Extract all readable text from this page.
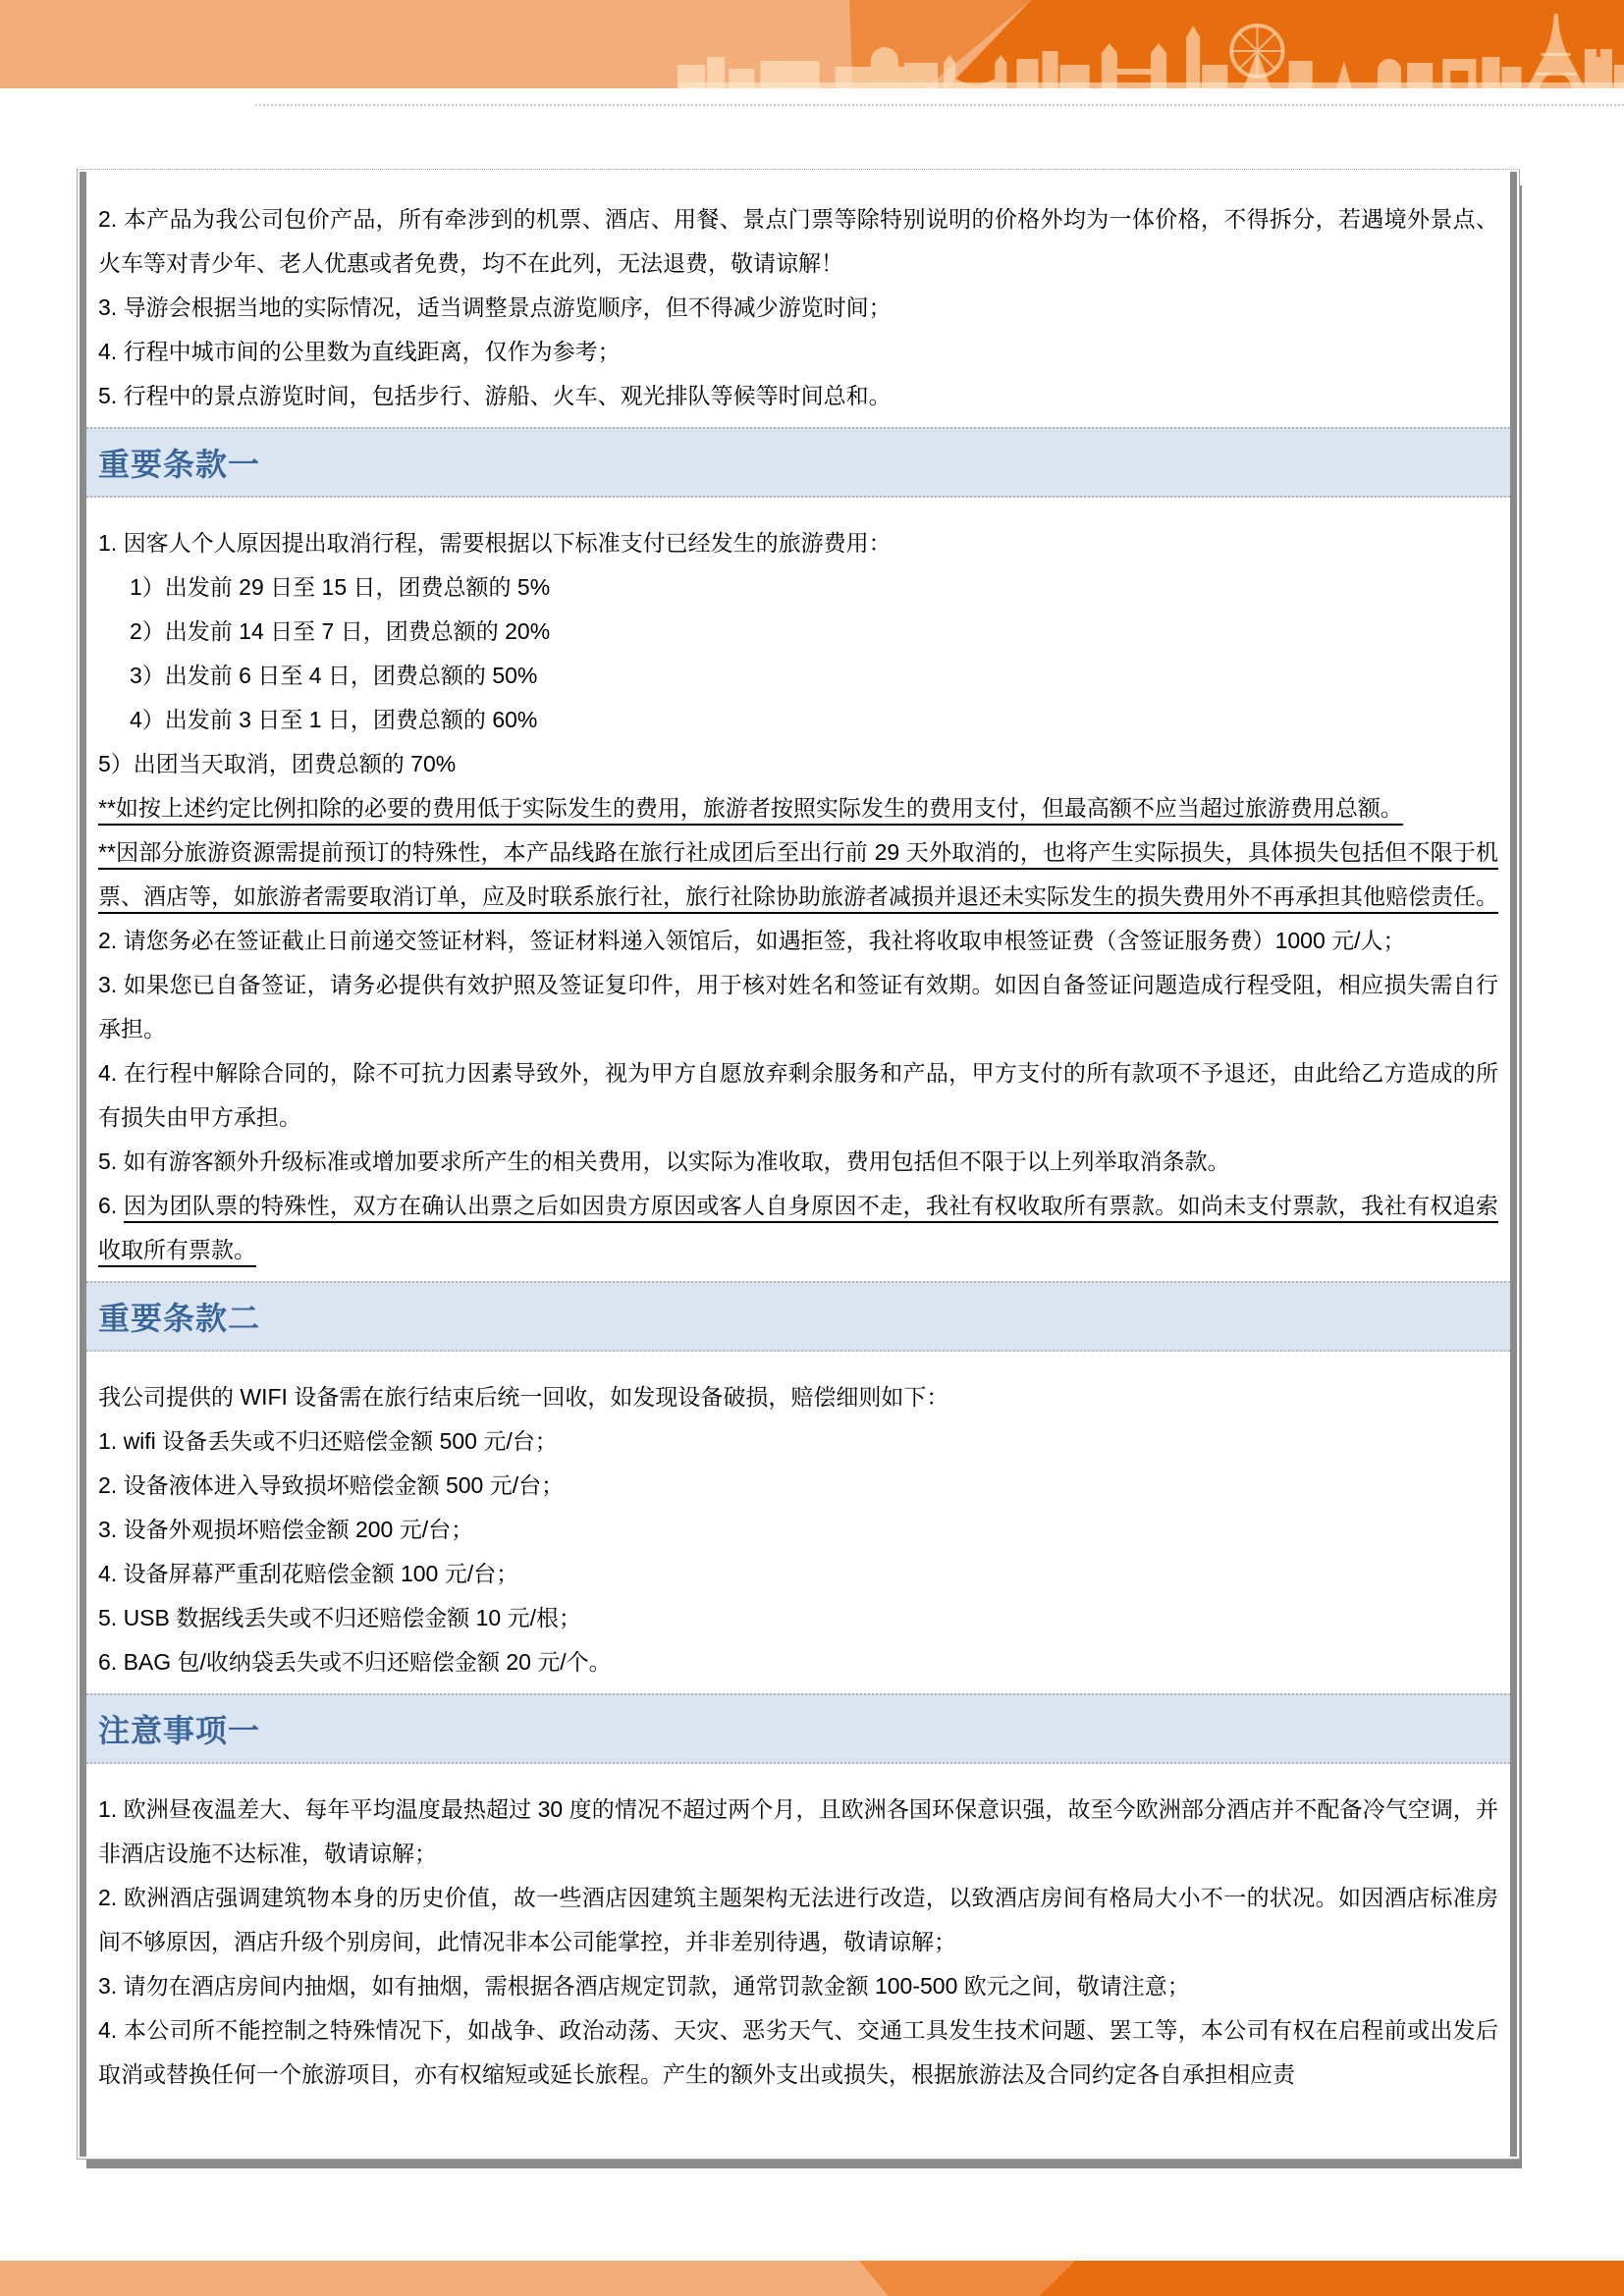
2. 本产品为我公司包价产品，所有牵涉到的机票、酒店、用餐、景点门票等除特别说明的价格外均为一体价格，不得拆分，若遇境外景点、火车等对青少年、老人优惠或者免费，均不在此列，无法退费，敬请谅解！

3. 导游会根据当地的实际情况，适当调整景点游览顺序，但不得减少游览时间；

4. 行程中城市间的公里数为直线距离，仅作为参考；

5. 行程中的景点游览时间，包括步行、游船、火车、观光排队等候等时间总和。

重要条款一

1. 因客人个人原因提出取消行程，需要根据以下标准支付已经发生的旅游费用：

1）出发前 29 日至 15 日，团费总额的 5%

2）出发前 14 日至 7 日，团费总额的 20%

3）出发前 6 日至 4 日，团费总额的 50%

4）出发前 3 日至 1 日，团费总额的 60%

5）出团当天取消，团费总额的 70%

**如按上述约定比例扣除的必要的费用低于实际发生的费用，旅游者按照实际发生的费用支付，但最高额不应当超过旅游费用总额。

**因部分旅游资源需提前预订的特殊性，本产品线路在旅行社成团后至出行前 29 天外取消的，也将产生实际损失，具体损失包括但不限于机票、酒店等，如旅游者需要取消订单，应及时联系旅行社，旅行社除协助旅游者减损并退还未实际发生的损失费用外不再承担其他赔偿责任。

2. 请您务必在签证截止日前递交签证材料，签证材料递入领馆后，如遇拒签，我社将收取申根签证费（含签证服务费）1000 元/人；

3. 如果您已自备签证，请务必提供有效护照及签证复印件，用于核对姓名和签证有效期。如因自备签证问题造成行程受阻，相应损失需自行承担。

4. 在行程中解除合同的，除不可抗力因素导致外，视为甲方自愿放弃剩余服务和产品，甲方支付的所有款项不予退还，由此给乙方造成的所有损失由甲方承担。

5. 如有游客额外升级标准或增加要求所产生的相关费用，以实际为准收取，费用包括但不限于以上列举取消条款。

6. 因为团队票的特殊性，双方在确认出票之后如因贵方原因或客人自身原因不走，我社有权收取所有票款。如尚未支付票款，我社有权追索收取所有票款。

重要条款二

我公司提供的 WIFI 设备需在旅行结束后统一回收，如发现设备破损，赔偿细则如下：

1. wifi 设备丢失或不归还赔偿金额 500 元/台；

2. 设备液体进入导致损坏赔偿金额 500 元/台；

3. 设备外观损坏赔偿金额 200 元/台；

4. 设备屏幕严重刮花赔偿金额 100 元/台；

5. USB 数据线丢失或不归还赔偿金额 10 元/根；

6. BAG 包/收纳袋丢失或不归还赔偿金额 20 元/个。

注意事项一

1. 欧洲昼夜温差大、每年平均温度最热超过 30 度的情况不超过两个月，且欧洲各国环保意识强，故至今欧洲部分酒店并不配备冷气空调，并非酒店设施不达标准，敬请谅解；

2. 欧洲酒店强调建筑物本身的历史价值，故一些酒店因建筑主题架构无法进行改造，以致酒店房间有格局大小不一的状况。如因酒店标准房间不够原因，酒店升级个别房间，此情况非本公司能掌控，并非差别待遇，敬请谅解；

3. 请勿在酒店房间内抽烟，如有抽烟，需根据各酒店规定罚款，通常罚款金额 100-500 欧元之间，敬请注意；

4. 本公司所不能控制之特殊情况下，如战争、政治动荡、天灾、恶劣天气、交通工具发生技术问题、罢工等，本公司有权在启程前或出发后取消或替换任何一个旅游项目，亦有权缩短或延长旅程。产生的额外支出或损失，根据旅游法及合同约定各自承担相应责
